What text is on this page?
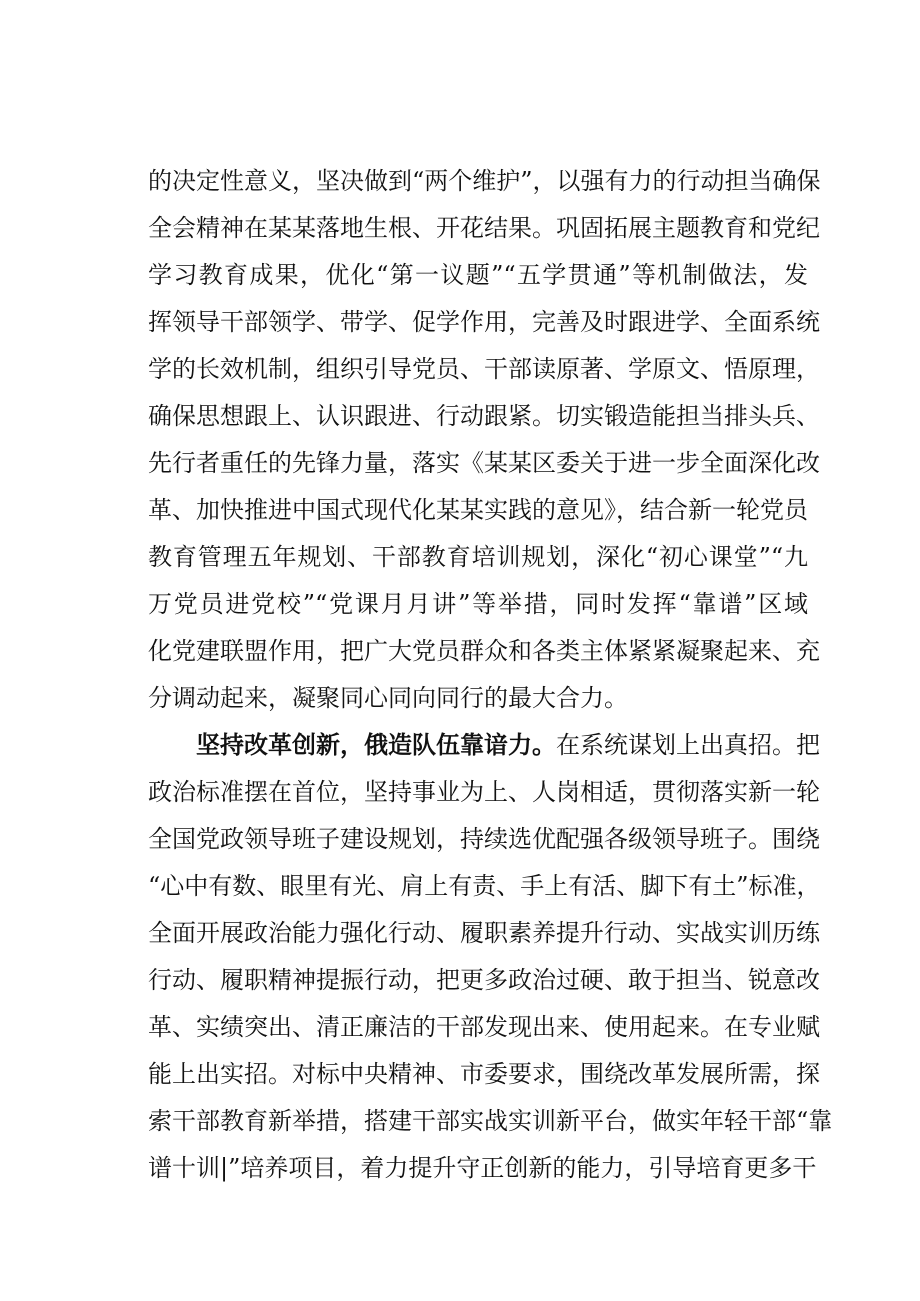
的决定性意义，坚决做到“两个维护”，以强有力的行动担当确保
全会精神在某某落地生根、开花结果。巩固拓展主题教育和党纪
学习教育成果，优化“第一议题”“五学贯通”等机制做法，发
挥领导干部领学、带学、促学作用，完善及时跟进学、全面系统
学的长效机制，组织引导党员、干部读原著、学原文、悟原理，
确保思想跟上、认识跟进、行动跟紧。切实锻造能担当排头兵、
先行者重任的先锋力量，落实《某某区委关于进一步全面深化改
革、加快推进中国式现代化某某实践的意见》，结合新一轮党员
教育管理五年规划、干部教育培训规划，深化“初心课堂”“九
万党员进党校”“党课月月讲”等举措，同时发挥“靠谱”区域
化党建联盟作用，把广大党员群众和各类主体紧紧凝聚起来、充
分调动起来，凝聚同心同向同行的最大合力。
坚持改革创新，俄造队伍靠谙力。在系统谋划上出真招。把
政治标准摆在首位，坚持事业为上、人岗相适，贯彻落实新一轮
全国党政领导班子建设规划，持续选优配强各级领导班子。围绕
“心中有数、眼里有光、肩上有责、手上有活、脚下有土”标准，
全面开展政治能力强化行动、履职素养提升行动、实战实训历练
行动、履职精神提振行动，把更多政治过硬、敢于担当、锐意改
革、实绩突出、清正廉洁的干部发现出来、使用起来。在专业赋
能上出实招。对标中央精神、市委要求，围绕改革发展所需，探
索干部教育新举措，搭建干部实战实训新平台，做实年轻干部“靠
谱十训|”培养项目，着力提升守正创新的能力，引导培育更多干
